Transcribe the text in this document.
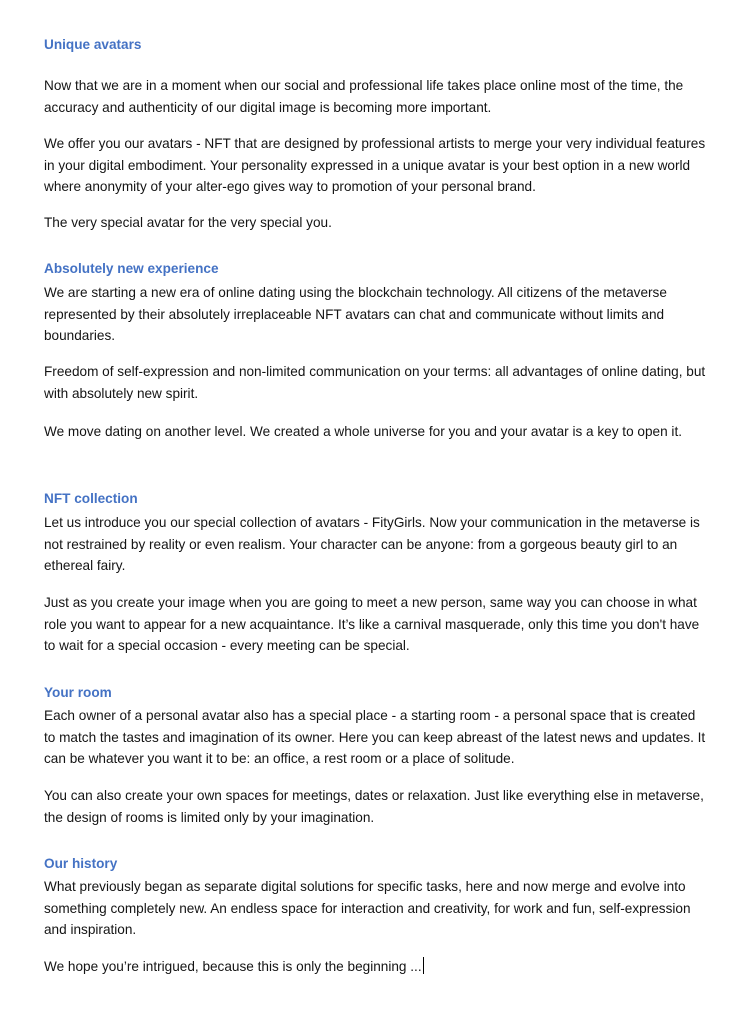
Unique avatars
Now that we are in a moment when our social and professional life takes place online most of the time, the accuracy and authenticity of our digital image is becoming more important.
We offer you our avatars - NFT that are designed by professional artists to merge your very individual features in your digital embodiment. Your personality expressed in a unique avatar is your best option in a new world where anonymity of your alter-ego gives way to promotion of your personal brand.
The very special avatar for the very special you.
Absolutely new experience
We are starting a new era of online dating using the blockchain technology. All citizens of the metaverse represented by their absolutely irreplaceable NFT avatars can chat and communicate without limits and boundaries.
Freedom of self-expression and non-limited communication on your terms: all advantages of online dating, but with absolutely new spirit.
We move dating on another level. We created a whole universe for you and your avatar is a key to open it.
NFT collection
Let us introduce you our special collection of avatars - FityGirls. Now your communication in the metaverse is not restrained by reality or even realism. Your character can be anyone: from a gorgeous beauty girl to an ethereal fairy.
Just as you create your image when you are going to meet a new person, same way you can choose in what role you want to appear for a new acquaintance. It’s like a carnival masquerade, only this time you don't have to wait for a special occasion - every meeting can be special.
Your room
Each owner of a personal avatar also has a special place - a starting room - a personal space that is created to match the tastes and imagination of its owner. Here you can keep abreast of the latest news and updates. It can be whatever you want it to be: an office, a rest room or a place of solitude.
You can also create your own spaces for meetings, dates or relaxation. Just like everything else in metaverse, the design of rooms is limited only by your imagination.
Our history
What previously began as separate digital solutions for specific tasks, here and now merge and evolve into something completely new. An endless space for interaction and creativity, for work and fun, self-expression and inspiration.
We hope you’re intrigued, because this is only the beginning ...
